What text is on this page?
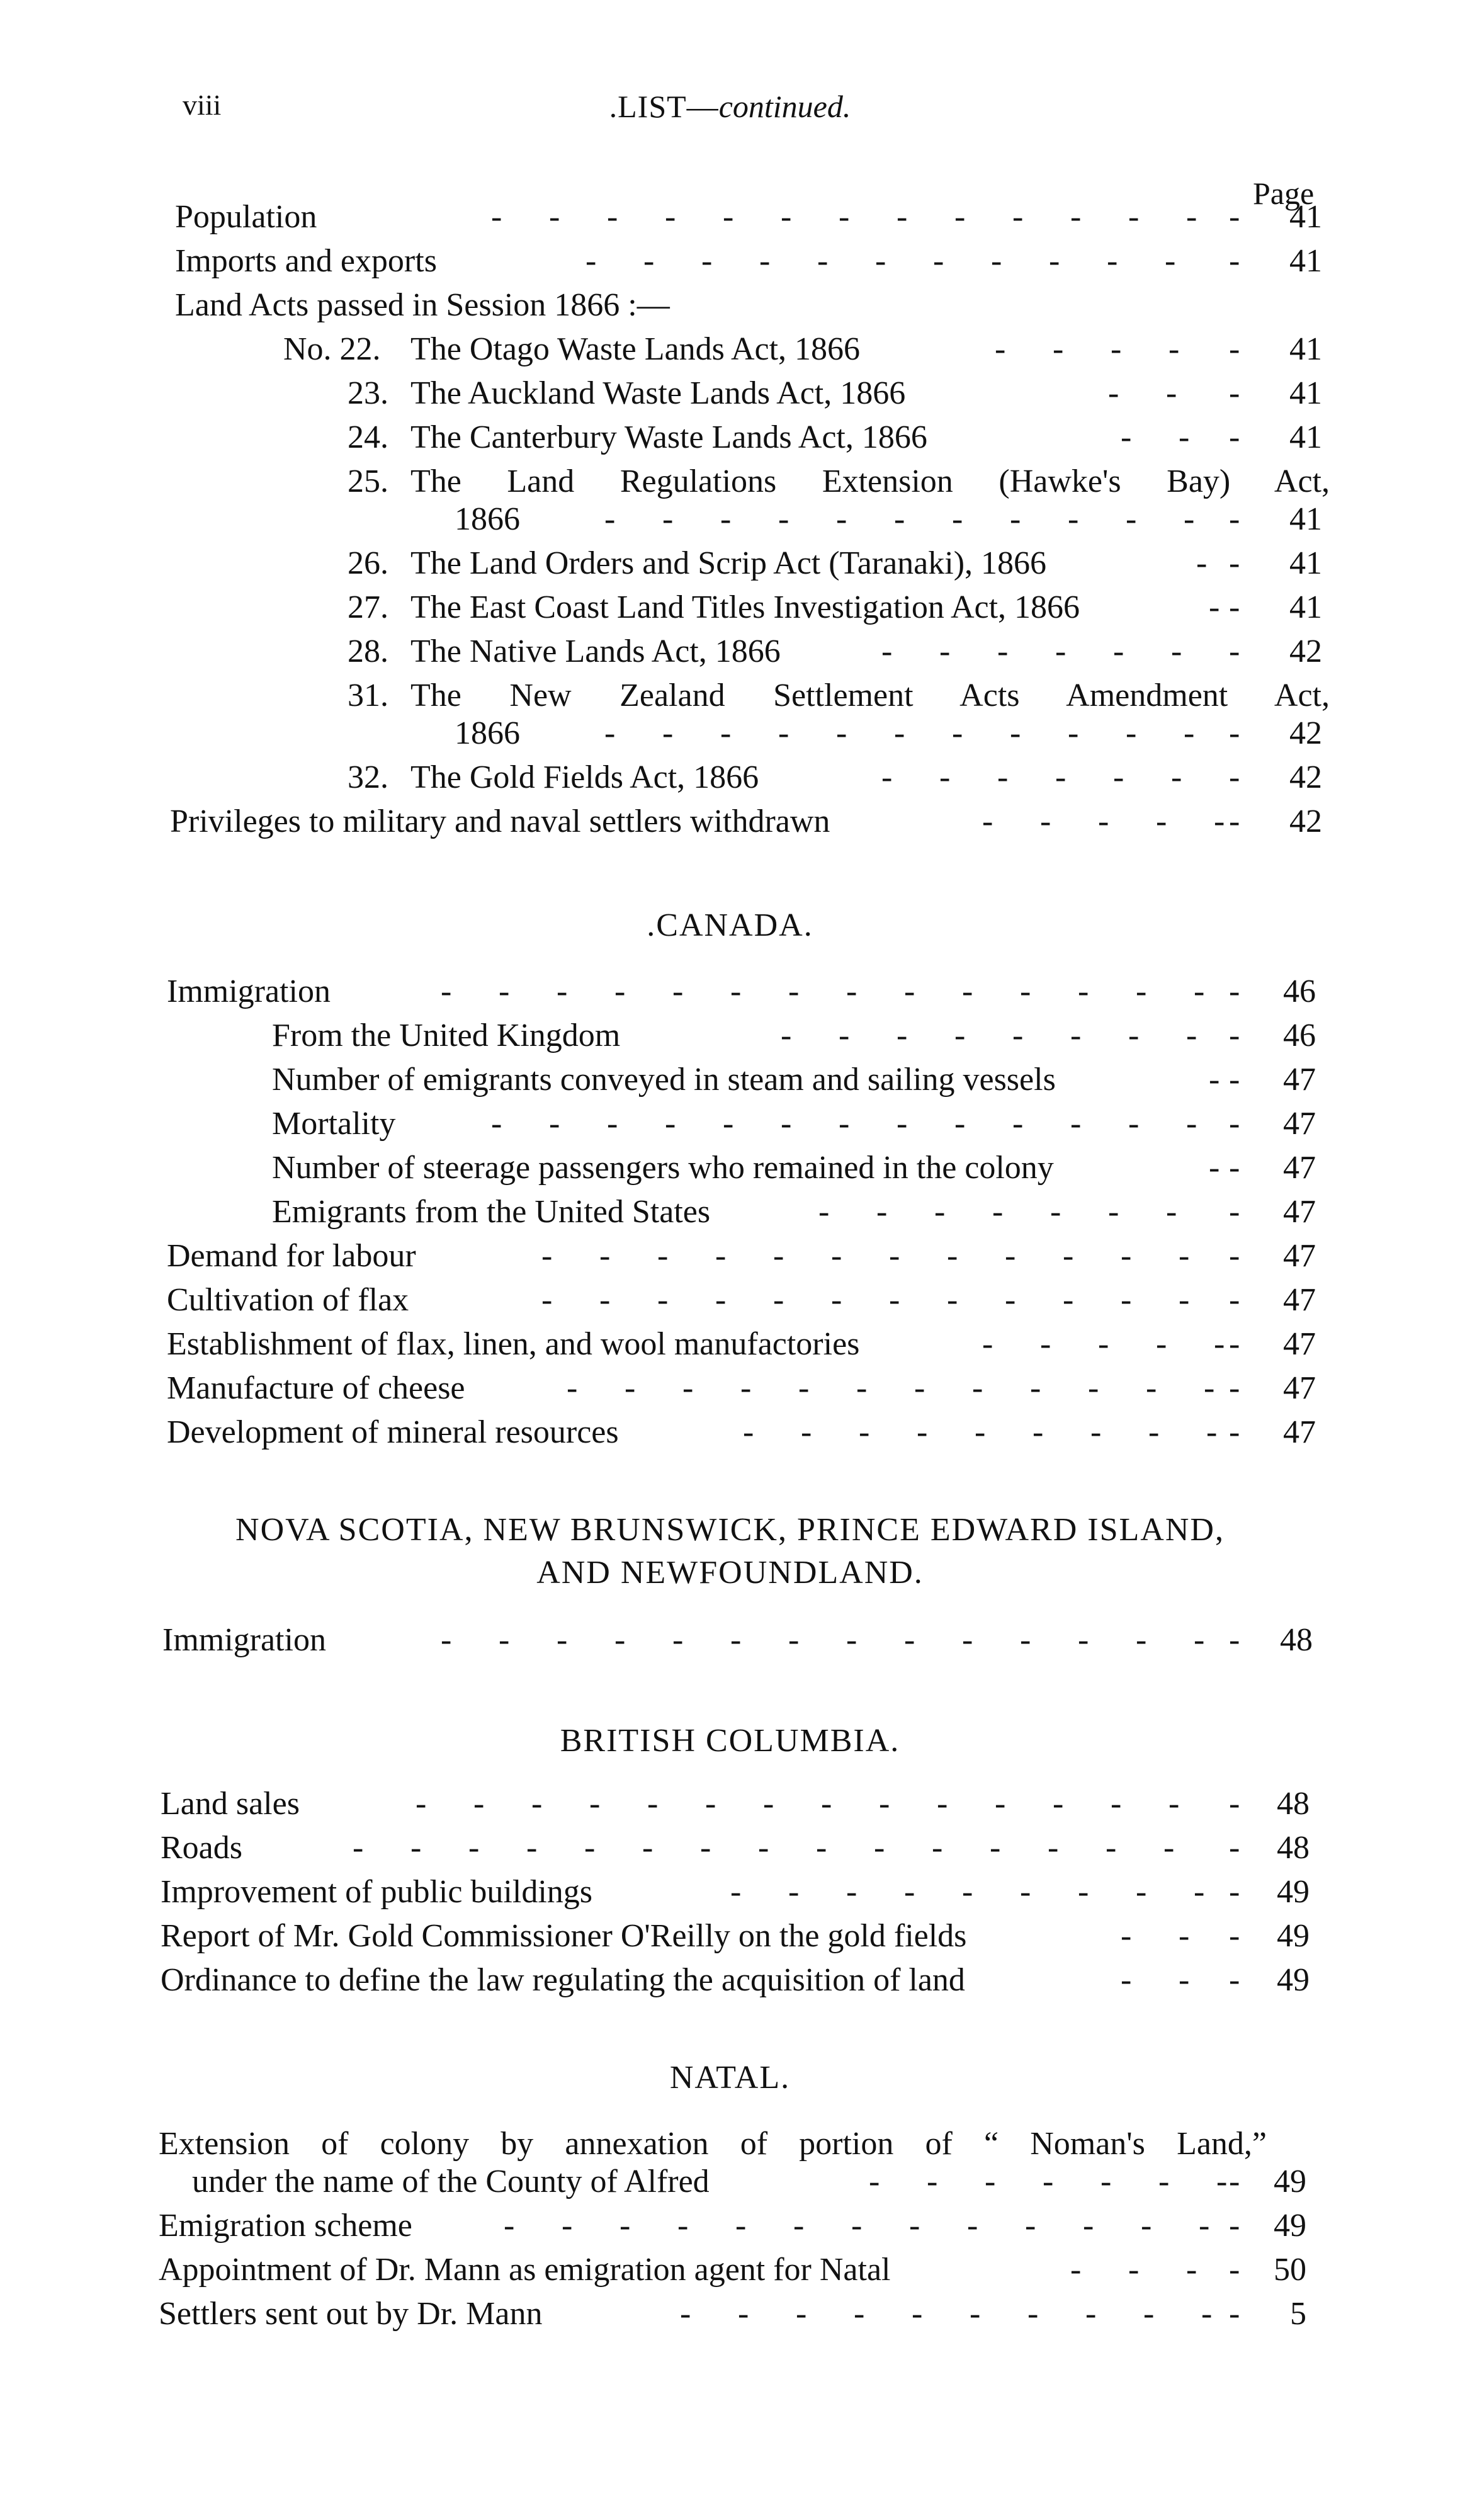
viii	.LIST—continued.
Page
Population	- - - - - - - - - - - - - -	41
Imports and exports	- - - - - - - - - - - -	41
Land Acts passed in Session 1866 :—
No. 22. The Otago Waste Lands Act, 1866	- - - - -	41
23. The Auckland Waste Lands Act, 1866	- - -	41
24. The Canterbury Waste Lands Act, 1866	- - -	41
25. The Land Regulations Extension (Hawke's Bay) Act,
1866	- - - - - - - - - - - -	41
26. The Land Orders and Scrip Act (Taranaki), 1866	- -	41
27. The East Coast Land Titles Investigation Act, 1866	- -	41
28. The Native Lands Act, 1866	- - - - - - -	42
31. The New Zealand Settlement Acts Amendment Act,
1866	- - - - - - - - - - - -	42
32. The Gold Fields Act, 1866	- - - - - - -	42
Privileges to military and naval settlers withdrawn	- - - - - -	42
.CANADA.
Immigration	- - - - - - - - - - - - - - -	46
From the United Kingdom	- - - - - - - - -	46
Number of emigrants conveyed in steam and sailing vessels	- -	47
Mortality	- - - - - - - - - - - - - -	47
Number of steerage passengers who remained in the colony	- -	47
Emigrants from the United States	- - - - - - - -	47
Demand for labour	- - - - - - - - - - - - -	47
Cultivation of flax	- - - - - - - - - - - - -	47
Establishment of flax, linen, and wool manufactories	- - - - - -	47
Manufacture of cheese	- - - - - - - - - - - - -	47
Development of mineral resources	- - - - - - - - - -	47
NOVA SCOTIA, NEW BRUNSWICK, PRINCE EDWARD ISLAND,
AND NEWFOUNDLAND.
Immigration	- - - - - - - - - - - - - - -	48
BRITISH COLUMBIA.
Land sales	- - - - - - - - - - - - - - -	48
Roads	- - - - - - - - - - - - - - - -	48
Improvement of public buildings	- - - - - - - - - -	49
Report of Mr. Gold Commissioner O'Reilly on the gold fields	- - -	49
Ordinance to define the law regulating the acquisition of land	- - -	49
NATAL.
Extension of colony by annexation of portion of “ Noman's Land,”
under the name of the County of Alfred	- - - - - - - -	49
Emigration scheme	- - - - - - - - - - - - - -	49
Appointment of Dr. Mann as emigration agent for Natal	- - - -	50
Settlers sent out by Dr. Mann	- - - - - - - - - - -	5
